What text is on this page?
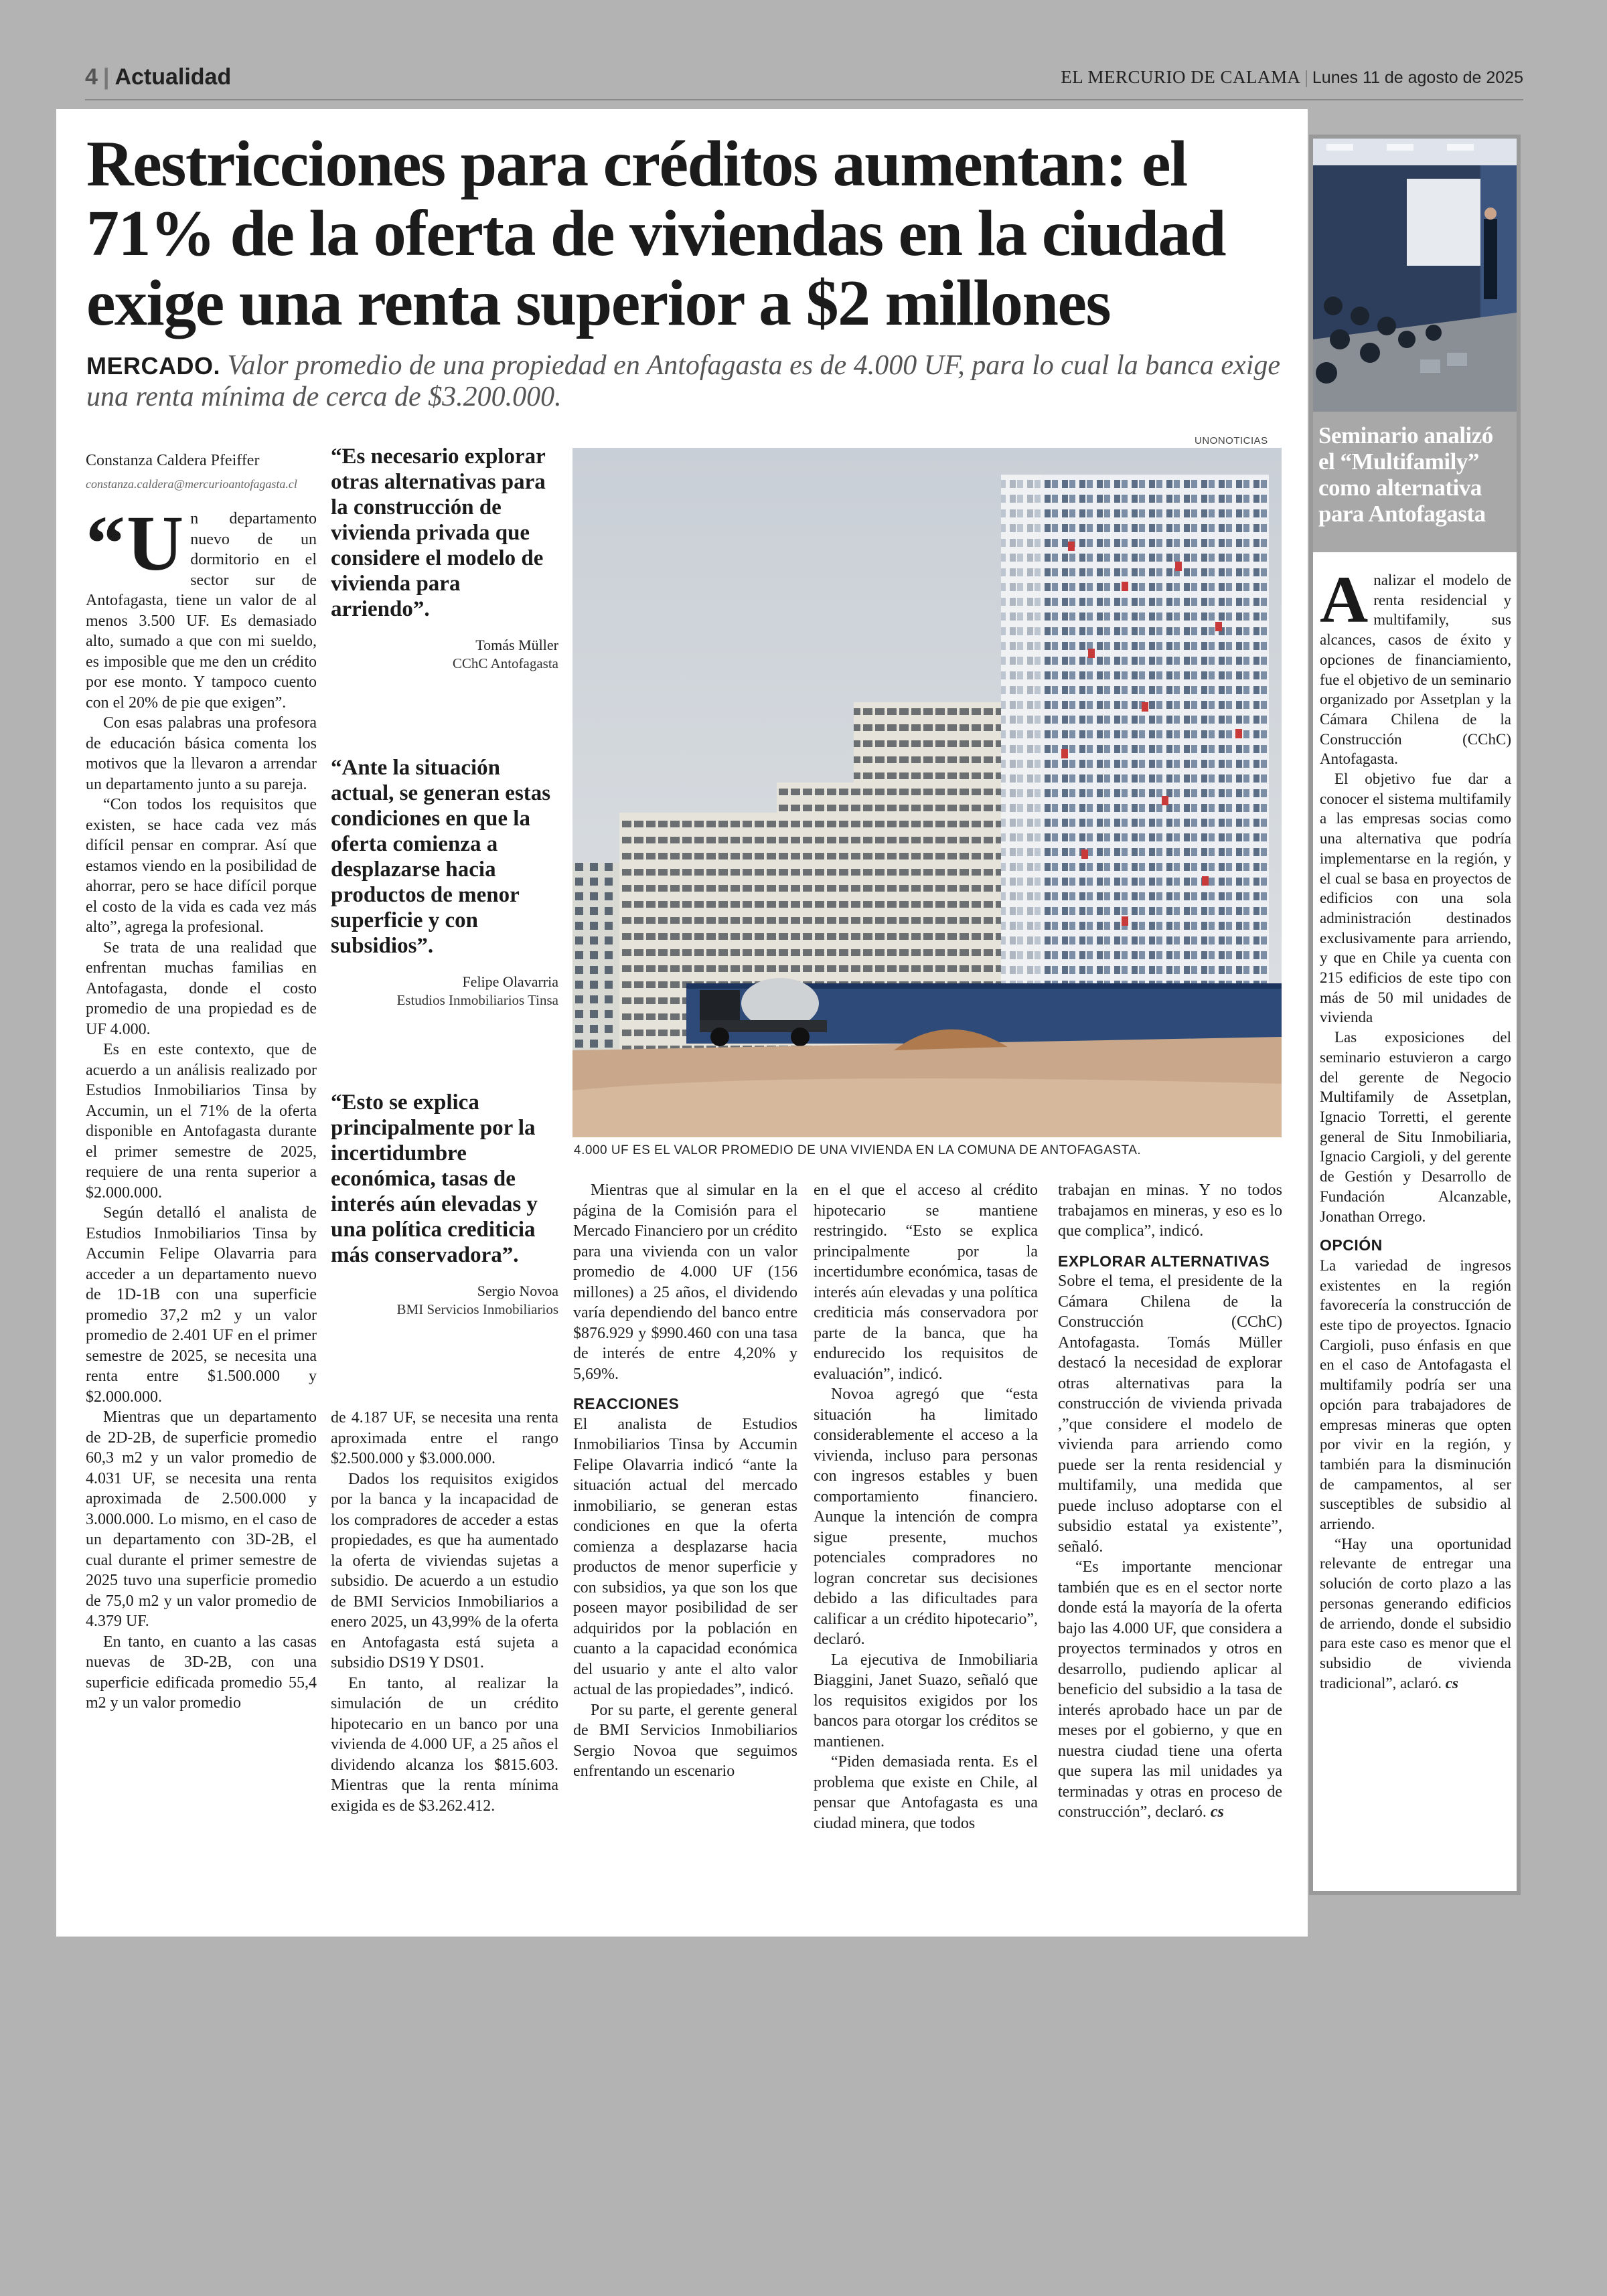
4 | Actualidad	EL MERCURIO DE CALAMA | Lunes 11 de agosto de 2025
Restricciones para créditos aumentan: el 71% de la oferta de viviendas en la ciudad exige una renta superior a $2 millones

MERCADO. Valor promedio de una propiedad en Antofagasta es de 4.000 UF, para lo cual la banca exige una renta mínima de cerca de $3.200.000.

Constanza Caldera Pfeiffer
constanza.caldera@mercurioantofagasta.cl

“ U n departamento nuevo de un dormitorio en el sector sur de Antofagasta, tiene un valor de al menos 3.500 UF. Es demasiado alto, sumado a que con mi sueldo, es imposible que me den un crédito por ese monto. Y tampoco cuento con el 20% de pie que exigen”.

Con esas palabras una profesora de educación básica comenta los motivos que la llevaron a arrendar un departamento junto a su pareja.

“Con todos los requisitos que existen, se hace cada vez más difícil pensar en comprar. Así que estamos viendo en la posibilidad de ahorrar, pero se hace difícil porque el costo de la vida es cada vez más alto”, agrega la profesional.

Se trata de una realidad que enfrentan muchas familias en Antofagasta, donde el costo promedio de una propiedad es de UF 4.000.

Es en este contexto, que de acuerdo a un análisis realizado por Estudios Inmobiliarios Tinsa by Accumin, un el 71% de la oferta disponible en Antofagasta durante el primer semestre de 2025, requiere de una renta superior a $2.000.000.

Según detalló el analista de Estudios Inmobiliarios Tinsa by Accumin Felipe Olavarria para acceder a un departamento nuevo de 1D-1B con una superficie promedio 37,2 m2 y un valor promedio de 2.401 UF en el primer semestre de 2025, se necesita una renta entre $1.500.000 y $2.000.000.

Mientras que un departamento de 2D-2B, de superficie promedio 60,3 m2 y un valor promedio de 4.031 UF, se necesita una renta aproximada de 2.500.000 y 3.000.000. Lo mismo, en el caso de un departamento con 3D-2B, el cual durante el primer semestre de 2025 tuvo una superficie promedio de 75,0 m2 y un valor promedio de 4.379 UF.

En tanto, en cuanto a las casas nuevas de 3D-2B, con una superficie edificada promedio 55,4 m2 y un valor promedio

“Es necesario explorar otras alternativas para la construcción de vivienda privada que considere el modelo de vivienda para arriendo”.

Tomás Müller
CChC Antofagasta

“Ante la situación actual, se generan estas condiciones en que la oferta comienza a desplazarse hacia productos de menor superficie y con subsidios”.

Felipe Olavarria
Estudios Inmobiliarios Tinsa

“Esto se explica principalmente por la incertidumbre económica, tasas de interés aún elevadas y una política crediticia más conservadora”.

Sergio Novoa
BMI Servicios Inmobiliarios

de 4.187 UF, se necesita una renta aproximada entre el rango $2.500.000 y $3.000.000.

Dados los requisitos exigidos por la banca y la incapacidad de los compradores de acceder a estas propiedades, es que ha aumentado la oferta de viviendas sujetas a subsidio. De acuerdo a un estudio de BMI Servicios Inmobiliarios a enero 2025, un 43,99% de la oferta en Antofagasta está sujeta a subsidio DS19 Y DS01.

En tanto, al realizar la simulación de un crédito hipotecario en un banco por una vivienda de 4.000 UF, a 25 años el dividendo alcanza los $815.603. Mientras que la renta mínima exigida es de $3.262.412.

UNONOTICIAS
4.000 UF ES EL VALOR PROMEDIO DE UNA VIVIENDA EN LA COMUNA DE ANTOFAGASTA.

Mientras que al simular en la página de la Comisión para el Mercado Financiero por un crédito para una vivienda con un valor promedio de 4.000 UF (156 millones) a 25 años, el dividendo varía dependiendo del banco entre $876.929 y $990.460 con una tasa de interés de entre 4,20% y 5,69%.

REACCIONES

El analista de Estudios Inmobiliarios Tinsa by Accumin Felipe Olavarria indicó “ante la situación actual del mercado inmobiliario, se generan estas condiciones en que la oferta comienza a desplazarse hacia productos de menor superficie y con subsidios, ya que son los que poseen mayor posibilidad de ser adquiridos por la población en cuanto a la capacidad económica del usuario y ante el alto valor actual de las propiedades”, indicó.

Por su parte, el gerente general de BMI Servicios Inmobiliarios Sergio Novoa que seguimos enfrentando un escenario

en el que el acceso al crédito hipotecario se mantiene restringido. “Esto se explica principalmente por la incertidumbre económica, tasas de interés aún elevadas y una política crediticia más conservadora por parte de la banca, que ha endurecido los requisitos de evaluación”, indicó.

Novoa agregó que “esta situación ha limitado considerablemente el acceso a la vivienda, incluso para personas con ingresos estables y buen comportamiento financiero. Aunque la intención de compra sigue presente, muchos potenciales compradores no logran concretar sus decisiones debido a las dificultades para calificar a un crédito hipotecario”, declaró.

La ejecutiva de Inmobiliaria Biaggini, Janet Suazo, señaló que los requisitos exigidos por los bancos para otorgar los créditos se mantienen.

“Piden demasiada renta. Es el problema que existe en Chile, al pensar que Antofagasta es una ciudad minera, que todos

trabajan en minas. Y no todos trabajamos en mineras, y eso es lo que complica”, indicó.

EXPLORAR ALTERNATIVAS

Sobre el tema, el presidente de la Cámara Chilena de la Construcción (CChC) Antofagasta. Tomás Müller destacó la necesidad de explorar otras alternativas para la construcción de vivienda privada ,”que considere el modelo de vivienda para arriendo como puede ser la renta residencial y multifamily, una medida que puede incluso adoptarse con el subsidio estatal ya existente”, señaló.

“Es importante mencionar también que es en el sector norte donde está la mayoría de la oferta bajo las 4.000 UF, que considera a proyectos terminados y otros en desarrollo, pudiendo aplicar al beneficio del subsidio a la tasa de interés aprobado hace un par de meses por el gobierno, y que en nuestra ciudad tiene una oferta que supera las mil unidades ya terminadas y otras en proceso de construcción”, declaró. cs

Seminario analizó el “Multifamily” como alternativa para Antofagasta

Analizar el modelo de renta residencial y multifamily, sus alcances, casos de éxito y opciones de financiamiento, fue el objetivo de un seminario organizado por Assetplan y la Cámara Chilena de la Construcción (CChC) Antofagasta.

El objetivo fue dar a conocer el sistema multifamily a las empresas socias como una alternativa que podría implementarse en la región, y el cual se basa en proyectos de edificios con una sola administración destinados exclusivamente para arriendo, y que en Chile ya cuenta con 215 edificios de este tipo con más de 50 mil unidades de vivienda

Las exposiciones del seminario estuvieron a cargo del gerente de Negocio Multifamily de Assetplan, Ignacio Torretti, el gerente general de Situ Inmobiliaria, Ignacio Cargioli, y del gerente de Gestión y Desarrollo de Fundación Alcanzable, Jonathan Orrego.

OPCIÓN

La variedad de ingresos existentes en la región favorecería la construcción de este tipo de proyectos. Ignacio Cargioli, puso énfasis en que en el caso de Antofagasta el multifamily podría ser una opción para trabajadores de empresas mineras que opten por vivir en la región, y también para la disminución de campamentos, al ser susceptibles de subsidio al arriendo.

“Hay una oportunidad relevante de entregar una solución de corto plazo a las personas generando edificios de arriendo, donde el subsidio para este caso es menor que el subsidio de vivienda tradicional”, aclaró. cs
